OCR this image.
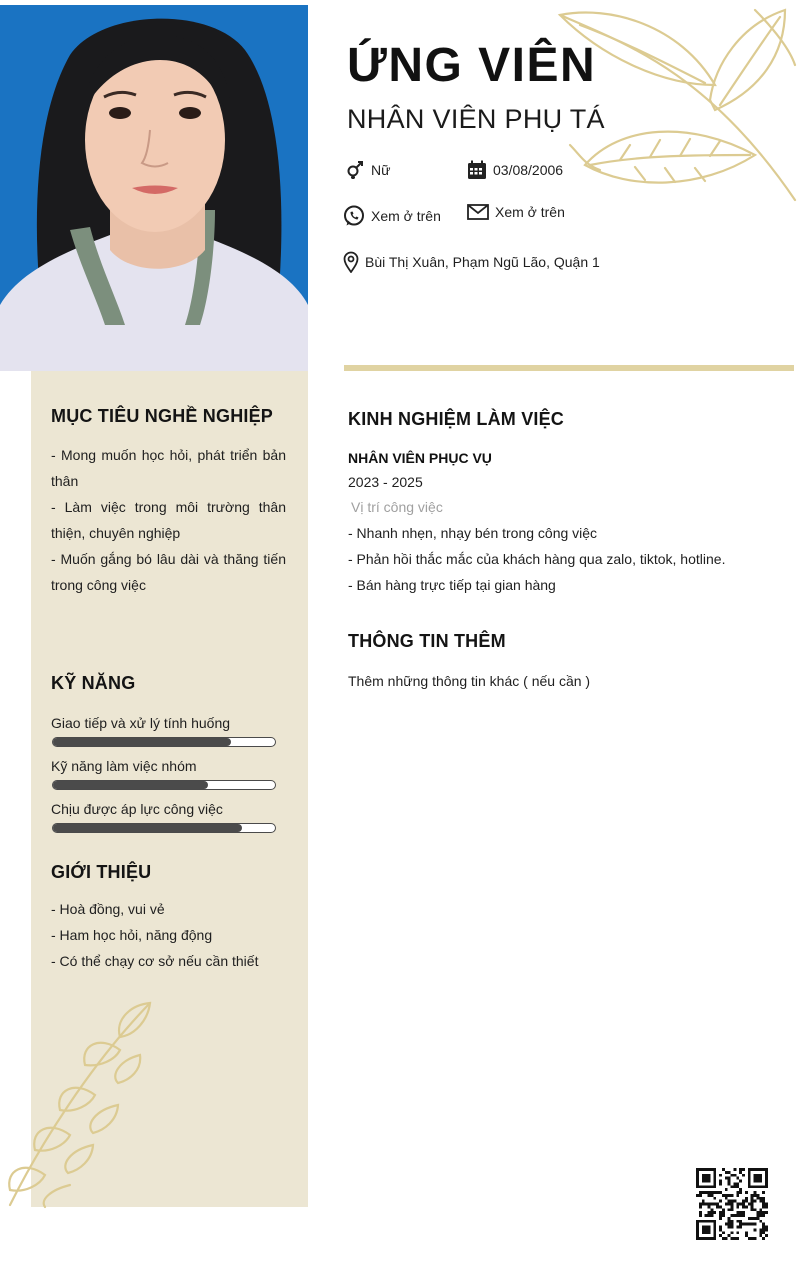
ỨNG VIÊN
NHÂN VIÊN PHỤ TÁ
Nữ	03/08/2006
Xem ở trên	Xem ở trên
Bùi Thị Xuân, Phạm Ngũ Lão, Quận 1
MỤC TIÊU NGHỀ NGHIỆP
- Mong muốn học hỏi, phát triển bản thân
- Làm việc trong môi trường thân thiện, chuyên nghiệp
- Muốn gắng bó lâu dài và thăng tiến trong công việc
KỸ NĂNG
Giao tiếp và xử lý tính huống
Kỹ năng làm việc nhóm
Chịu được áp lực công việc
GIỚI THIỆU
- Hoà đồng, vui vẻ
- Ham học hỏi, năng động
- Có thể chạy cơ sở nếu cần thiết
KINH NGHIỆM LÀM VIỆC
NHÂN VIÊN PHỤC VỤ
2023 - 2025
Vị trí công việc
- Nhanh nhẹn, nhạy bén trong công việc
- Phản hồi thắc mắc của khách hàng qua zalo, tiktok, hotline.
- Bán hàng trực tiếp tại gian hàng
THÔNG TIN THÊM
Thêm những thông tin khác ( nếu cần )
